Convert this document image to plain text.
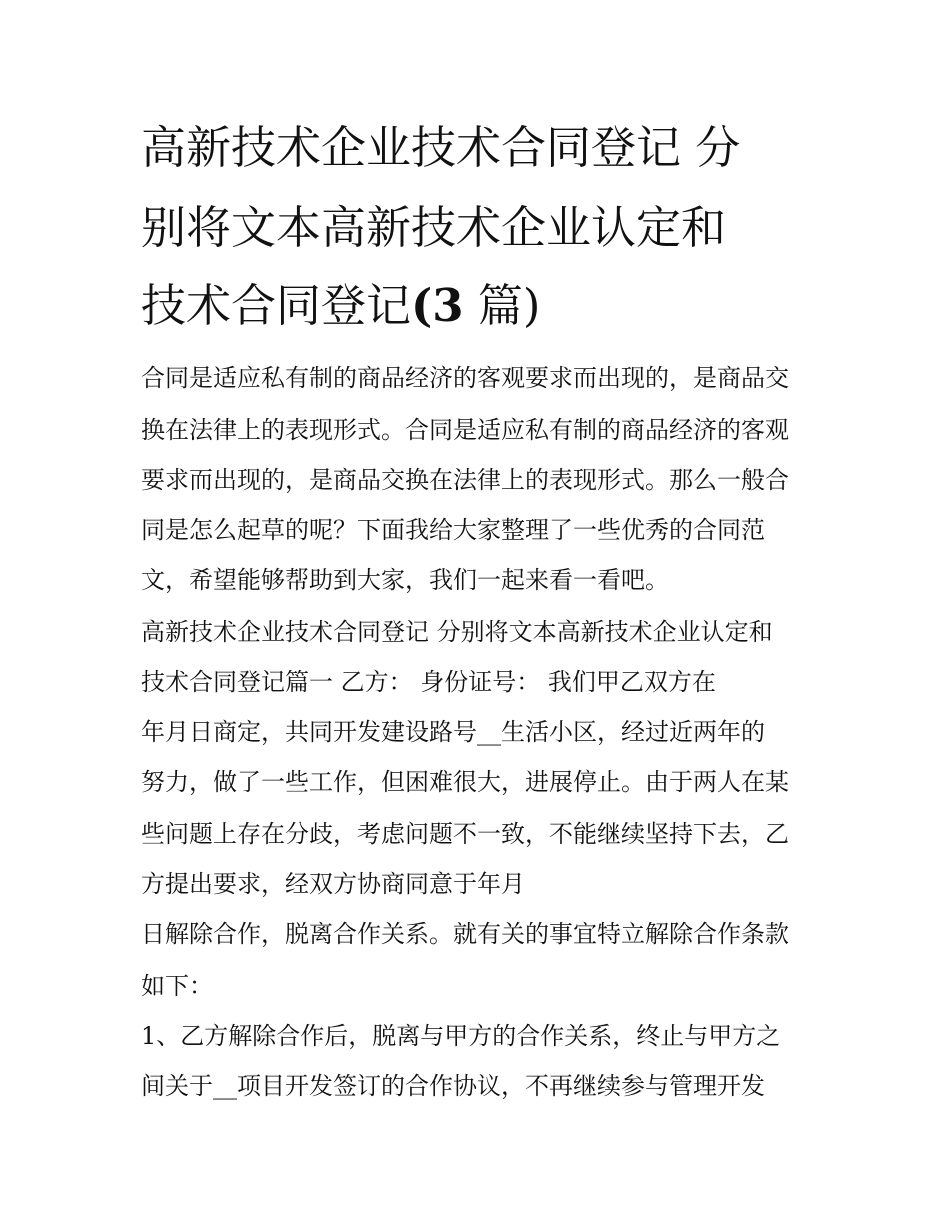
高新技术企业技术合同登记 分
别将文本高新技术企业认定和
技术合同登记(3 篇)

合同是适应私有制的商品经济的客观要求而出现的，是商品交

换在法律上的表现形式。合同是适应私有制的商品经济的客观

要求而出现的，是商品交换在法律上的表现形式。那么一般合

同是怎么起草的呢？下面我给大家整理了一些优秀的合同范

文，希望能够帮助到大家，我们一起来看一看吧。

高新技术企业技术合同登记 分别将文本高新技术企业认定和

技术合同登记篇一 乙方： 身份证号： 我们甲乙双方在

年月日商定，共同开发建设路号__生活小区，经过近两年的

努力，做了一些工作，但困难很大，进展停止。由于两人在某

些问题上存在分歧，考虑问题不一致，不能继续坚持下去，乙

方提出要求，经双方协商同意于年月

日解除合作，脱离合作关系。就有关的事宜特立解除合作条款

如下：

1、乙方解除合作后，脱离与甲方的合作关系，终止与甲方之

间关于__项目开发签订的合作协议，不再继续参与管理开发
